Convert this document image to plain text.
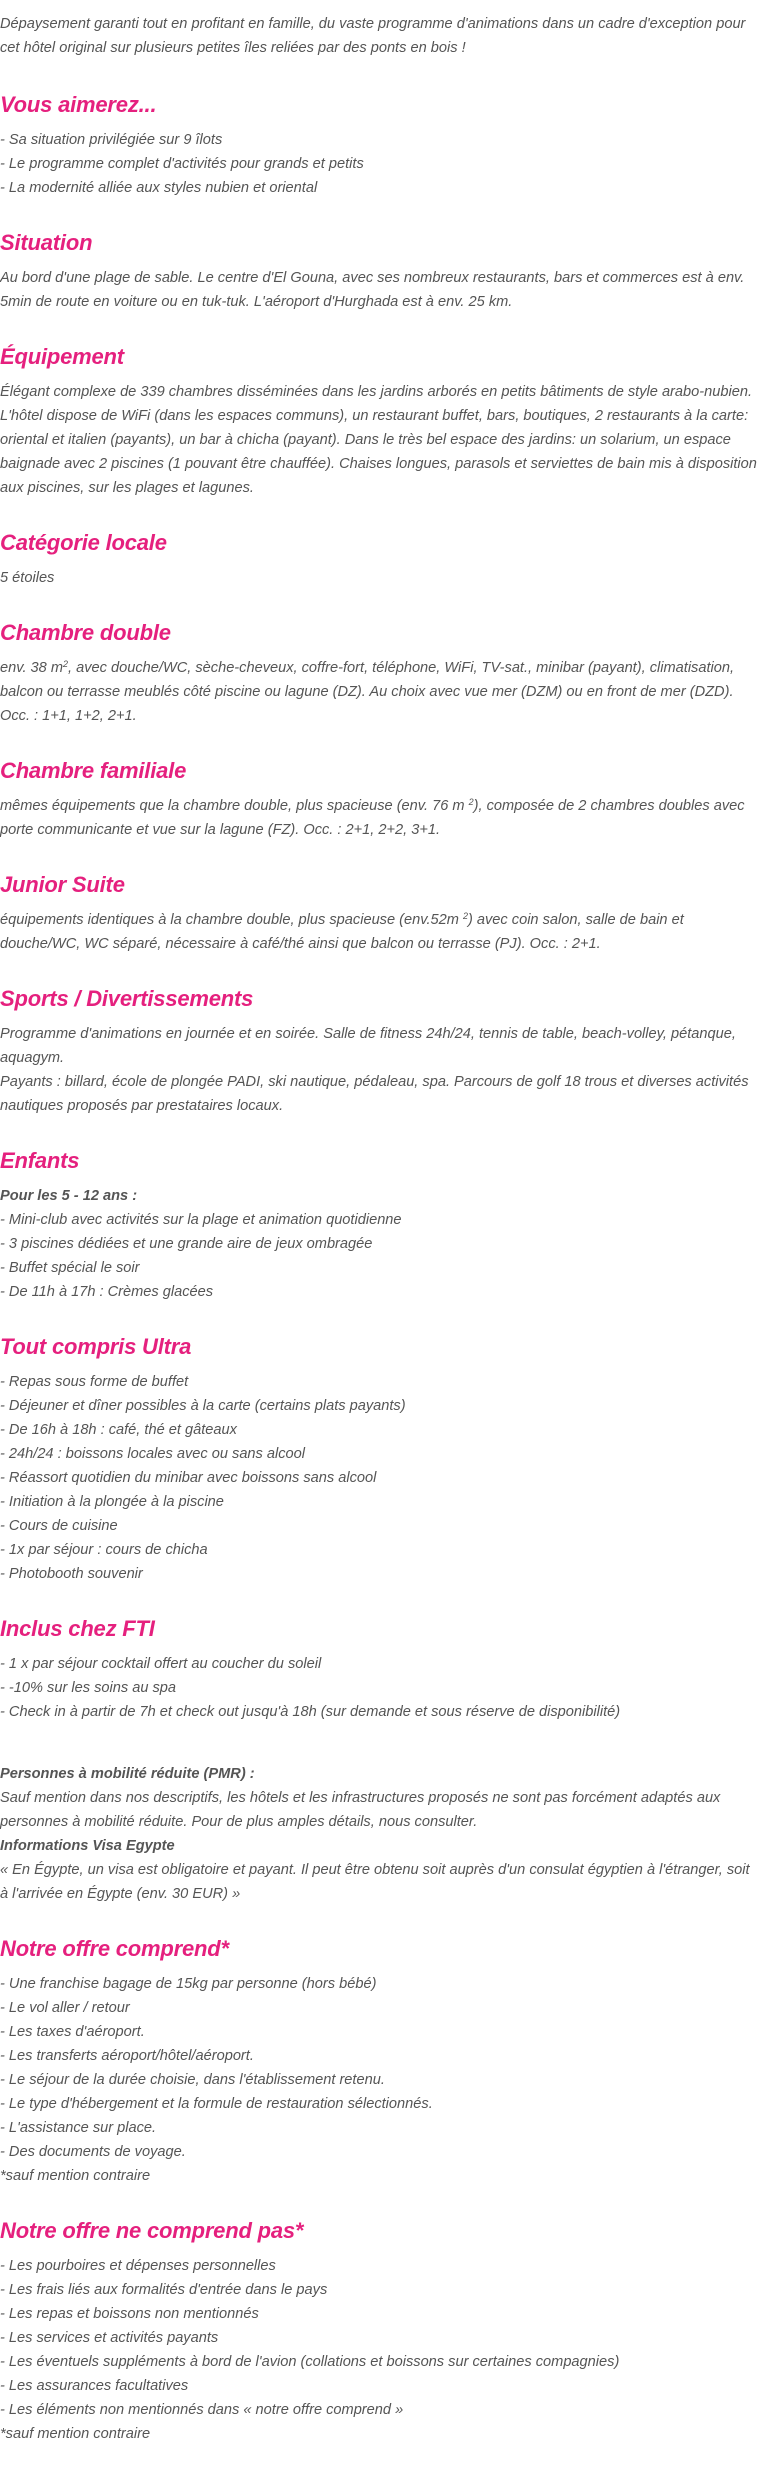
Dépaysement garanti tout en profitant en famille, du vaste programme d'animations dans un cadre d'exception pour cet hôtel original sur plusieurs petites îles reliées par des ponts en bois !

Vous aimerez...
- Sa situation privilégiée sur 9 îlots
- Le programme complet d'activités pour grands et petits
- La modernité alliée aux styles nubien et oriental
Situation

Au bord d'une plage de sable. Le centre d'El Gouna, avec ses nombreux restaurants, bars et commerces est à env. 5min de route en voiture ou en tuk-tuk. L'aéroport d'Hurghada est à env. 25 km.

Équipement

Élégant complexe de 339 chambres disséminées dans les jardins arborés en petits bâtiments de style arabo-nubien. L'hôtel dispose de WiFi (dans les espaces communs), un restaurant buffet, bars, boutiques, 2 restaurants à la carte: oriental et italien (payants), un bar à chicha (payant). Dans le très bel espace des jardins: un solarium, un espace baignade avec 2 piscines (1 pouvant être chauffée). Chaises longues, parasols et serviettes de bain mis à disposition aux piscines, sur les plages et lagunes.

Catégorie locale

5 étoiles

Chambre double

env. 38 $m^2$, avec douche/WC, sèche-cheveux, coffre-fort, téléphone, WiFi, TV-sat., minibar (payant), climatisation, balcon ou terrasse meublés côté piscine ou lagune (DZ). Au choix avec vue mer (DZM) ou en front de mer (DZD). Occ. : 1+1, 1+2, 2+1.

Chambre familiale

mêmes équipements que la chambre double, plus spacieuse (env. 76 m $^2$), composée de 2 chambres doubles avec porte communicante et vue sur la lagune (FZ). Occ. : 2+1, 2+2, 3+1.

Junior Suite

équipements identiques à la chambre double, plus spacieuse (env.52m $^2$) avec coin salon, salle de bain et douche/WC, WC séparé, nécessaire à café/thé ainsi que balcon ou terrasse (PJ). Occ. : 2+1.

Sports / Divertissements

Programme d'animations en journée et en soirée. Salle de fitness 24h/24, tennis de table, beach-volley, pétanque, aquagym.

Payants : billard, école de plongée PADI, ski nautique, pédaleau, spa. Parcours de golf 18 trous et diverses activités nautiques proposés par prestataires locaux.

Enfants
Pour les 5 - 12 ans :
- Mini-club avec activités sur la plage et animation quotidienne
- 3 piscines dédiées et une grande aire de jeux ombragée
- Buffet spécial le soir
- De 11h à 17h : Crèmes glacées
Tout compris Ultra
- Repas sous forme de buffet
- Déjeuner et dîner possibles à la carte (certains plats payants)
- De 16h à 18h : café, thé et gâteaux
- 24h/24 : boissons locales avec ou sans alcool
- Réassort quotidien du minibar avec boissons sans alcool
- Initiation à la plongée à la piscine
- Cours de cuisine
- 1x par séjour : cours de chicha
- Photobooth souvenir
Inclus chez FTI
- 1 x par séjour cocktail offert au coucher du soleil
- -10% sur les soins au spa
- Check in à partir de 7h et check out jusqu'à 18h (sur demande et sous réserve de disponibilité)

Personnes à mobilité réduite (PMR) :

Sauf mention dans nos descriptifs, les hôtels et les infrastructures proposés ne sont pas forcément adaptés aux personnes à mobilité réduite. Pour de plus amples détails, nous consulter.

Informations Visa Egypte

« En Égypte, un visa est obligatoire et payant. Il peut être obtenu soit auprès d'un consulat égyptien à l'étranger, soit à l'arrivée en Égypte (env. 30 EUR) »

Notre offre comprend*
- Une franchise bagage de 15kg par personne (hors bébé)
- Le vol aller / retour
- Les taxes d'aéroport.
- Les transferts aéroport/hôtel/aéroport.
- Le séjour de la durée choisie, dans l'établissement retenu.
- Le type d'hébergement et la formule de restauration sélectionnés.
- L'assistance sur place.
- Des documents de voyage.
*sauf mention contraire
Notre offre ne comprend pas*
- Les pourboires et dépenses personnelles
- Les frais liés aux formalités d'entrée dans le pays
- Les repas et boissons non mentionnés
- Les services et activités payants
- Les éventuels suppléments à bord de l'avion (collations et boissons sur certaines compagnies)
- Les assurances facultatives
- Les éléments non mentionnés dans « notre offre comprend »
*sauf mention contraire
